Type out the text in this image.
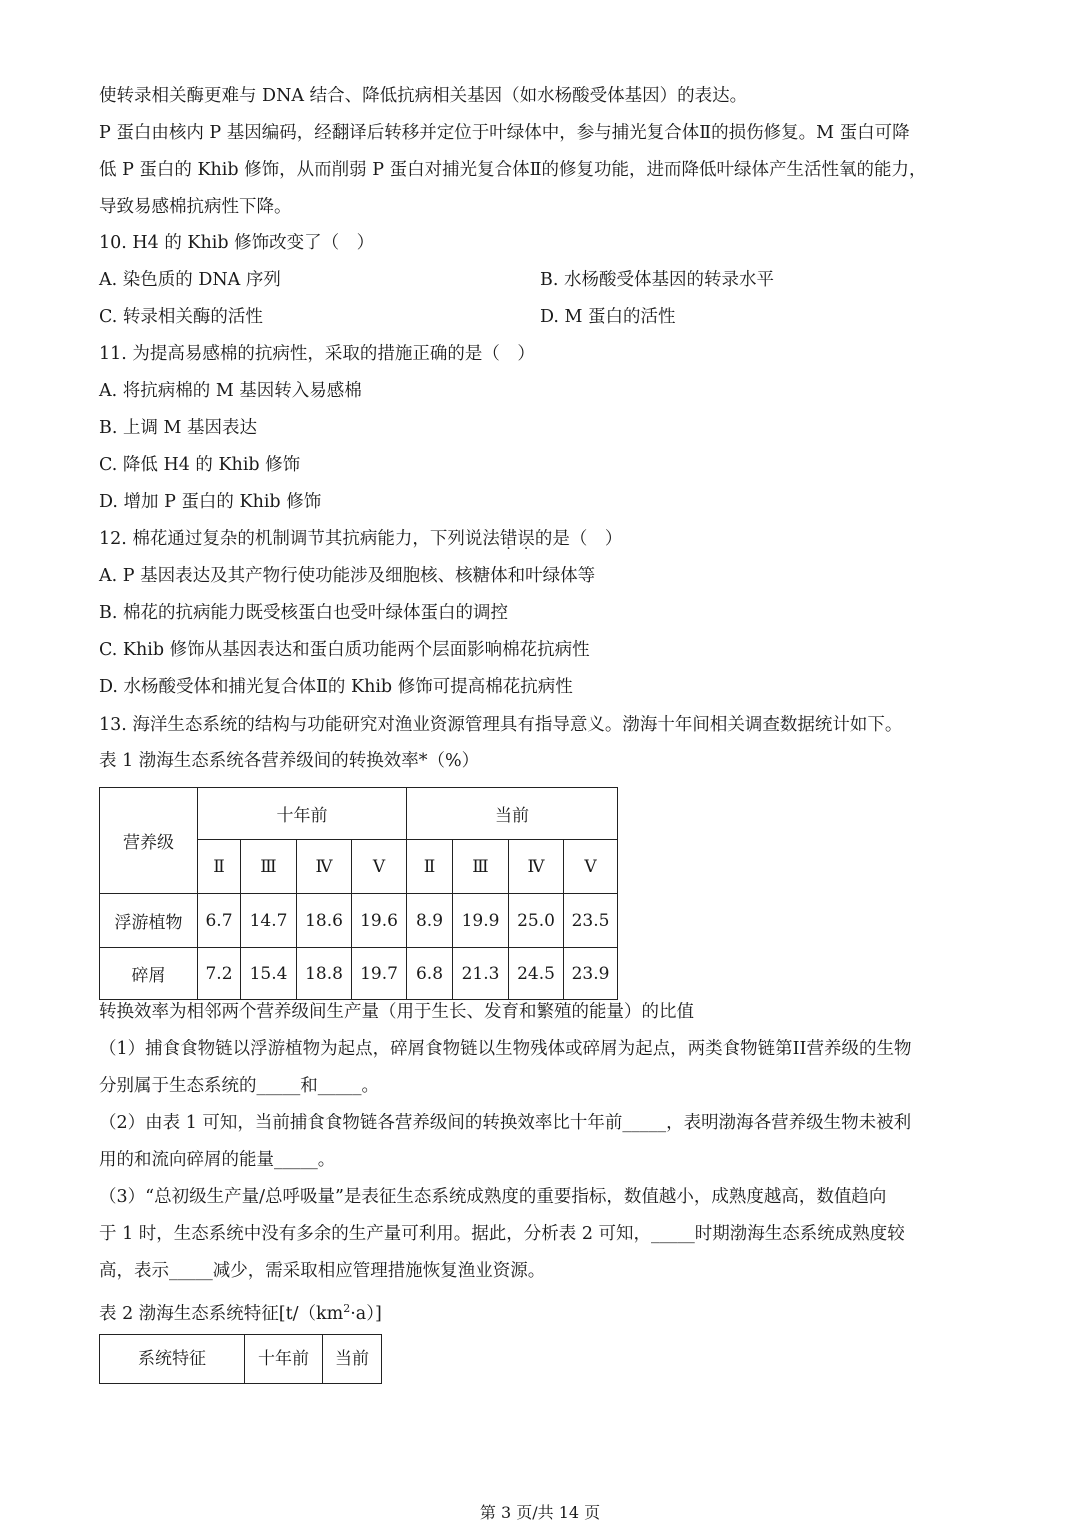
使转录相关酶更难与 DNA 结合、降低抗病相关基因（如水杨酸受体基因）的表达。
P 蛋白由核内 P 基因编码，经翻译后转移并定位于叶绿体中，参与捕光复合体Ⅱ的损伤修复。M 蛋白可降
低 P 蛋白的 Khib 修饰，从而削弱 P 蛋白对捕光复合体Ⅱ的修复功能，进而降低叶绿体产生活性氧的能力，
导致易感棉抗病性下降。
10. H4 的 Khib 修饰改变了（　）
A. 染色质的 DNA 序列	B. 水杨酸受体基因的转录水平
C. 转录相关酶的活性	D. M 蛋白的活性
11. 为提高易感棉的抗病性，采取的措施正确的是（　）
A. 将抗病棉的 M 基因转入易感棉
B. 上调 M 基因表达
C. 降低 H4 的 Khib 修饰
D. 增加 P 蛋白的 Khib 修饰
12. 棉花通过复杂的机制调节其抗病能力，下列说法错误的是（　）
A. P 基因表达及其产物行使功能涉及细胞核、核糖体和叶绿体等
B. 棉花的抗病能力既受核蛋白也受叶绿体蛋白的调控
C. Khib 修饰从基因表达和蛋白质功能两个层面影响棉花抗病性
D. 水杨酸受体和捕光复合体Ⅱ的 Khib 修饰可提高棉花抗病性
13. 海洋生态系统的结构与功能研究对渔业资源管理具有指导意义。渤海十年间相关调查数据统计如下。
表 1 渤海生态系统各营养级间的转换效率*（%）
营养级	十年前				当前			
	Ⅱ	Ⅲ	Ⅳ	Ⅴ	Ⅱ	Ⅲ	Ⅳ	Ⅴ
浮游植物	6.7	14.7	18.6	19.6	8.9	19.9	25.0	23.5
碎屑	7.2	15.4	18.8	19.7	6.8	21.3	24.5	23.9
转换效率为相邻两个营养级间生产量（用于生长、发育和繁殖的能量）的比值
（1）捕食食物链以浮游植物为起点，碎屑食物链以生物残体或碎屑为起点，两类食物链第II营养级的生物
分别属于生态系统的_____和_____。
（2）由表 1 可知，当前捕食食物链各营养级间的转换效率比十年前_____，表明渤海各营养级生物未被利
用的和流向碎屑的能量_____。
（3）“总初级生产量/总呼吸量”是表征生态系统成熟度的重要指标，数值越小，成熟度越高，数值趋向
于 1 时，生态系统中没有多余的生产量可利用。据此，分析表 2 可知，_____时期渤海生态系统成熟度较
高，表示_____减少，需采取相应管理措施恢复渔业资源。
表 2 渤海生态系统特征$[t/(km^2\cdot a)]$
系统特征	十年前	当前
第 3 页/共 14 页
